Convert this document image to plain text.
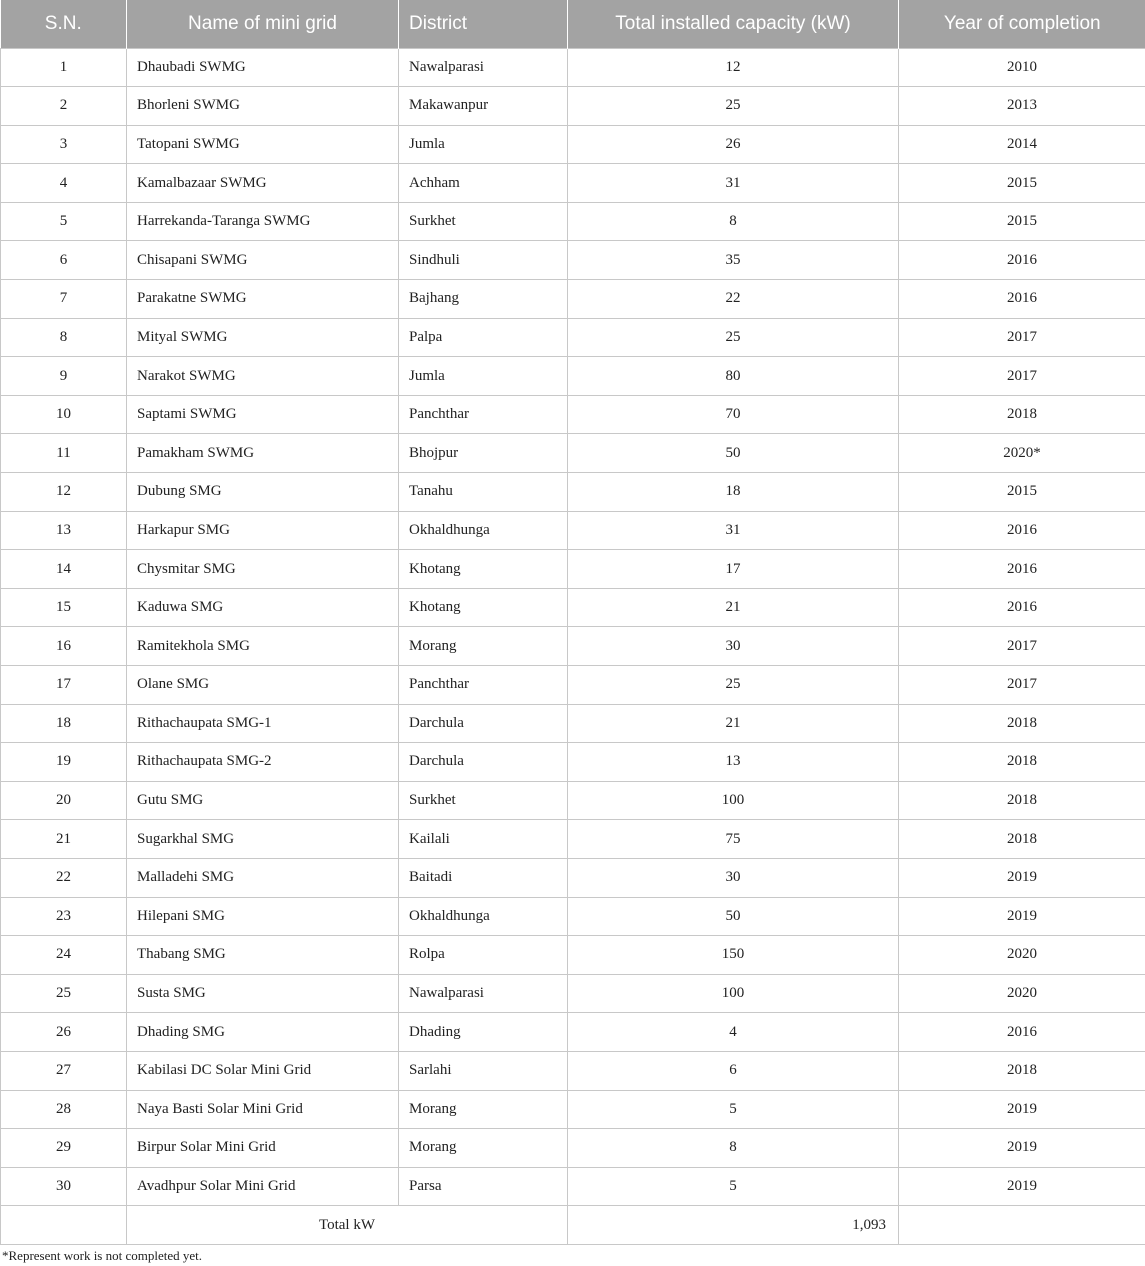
S.N.	Name of mini grid	District	Total installed capacity (kW)	Year of completion
1	Dhaubadi SWMG	Nawalparasi	12	2010
2	Bhorleni SWMG	Makawanpur	25	2013
3	Tatopani SWMG	Jumla	26	2014
4	Kamalbazaar SWMG	Achham	31	2015
5	Harrekanda-Taranga SWMG	Surkhet	8	2015
6	Chisapani SWMG	Sindhuli	35	2016
7	Parakatne SWMG	Bajhang	22	2016
8	Mityal SWMG	Palpa	25	2017
9	Narakot SWMG	Jumla	80	2017
10	Saptami SWMG	Panchthar	70	2018
11	Pamakham SWMG	Bhojpur	50	2020*
12	Dubung SMG	Tanahu	18	2015
13	Harkapur SMG	Okhaldhunga	31	2016
14	Chysmitar SMG	Khotang	17	2016
15	Kaduwa SMG	Khotang	21	2016
16	Ramitekhola SMG	Morang	30	2017
17	Olane SMG	Panchthar	25	2017
18	Rithachaupata SMG-1	Darchula	21	2018
19	Rithachaupata SMG-2	Darchula	13	2018
20	Gutu SMG	Surkhet	100	2018
21	Sugarkhal SMG	Kailali	75	2018
22	Malladehi SMG	Baitadi	30	2019
23	Hilepani SMG	Okhaldhunga	50	2019
24	Thabang SMG	Rolpa	150	2020
25	Susta SMG	Nawalparasi	100	2020
26	Dhading SMG	Dhading	4	2016
27	Kabilasi DC Solar Mini Grid	Sarlahi	6	2018
28	Naya Basti Solar Mini Grid	Morang	5	2019
29	Birpur Solar Mini Grid	Morang	8	2019
30	Avadhpur Solar Mini Grid	Parsa	5	2019
	Total kW		1,093	
*Represent work is not completed yet.
